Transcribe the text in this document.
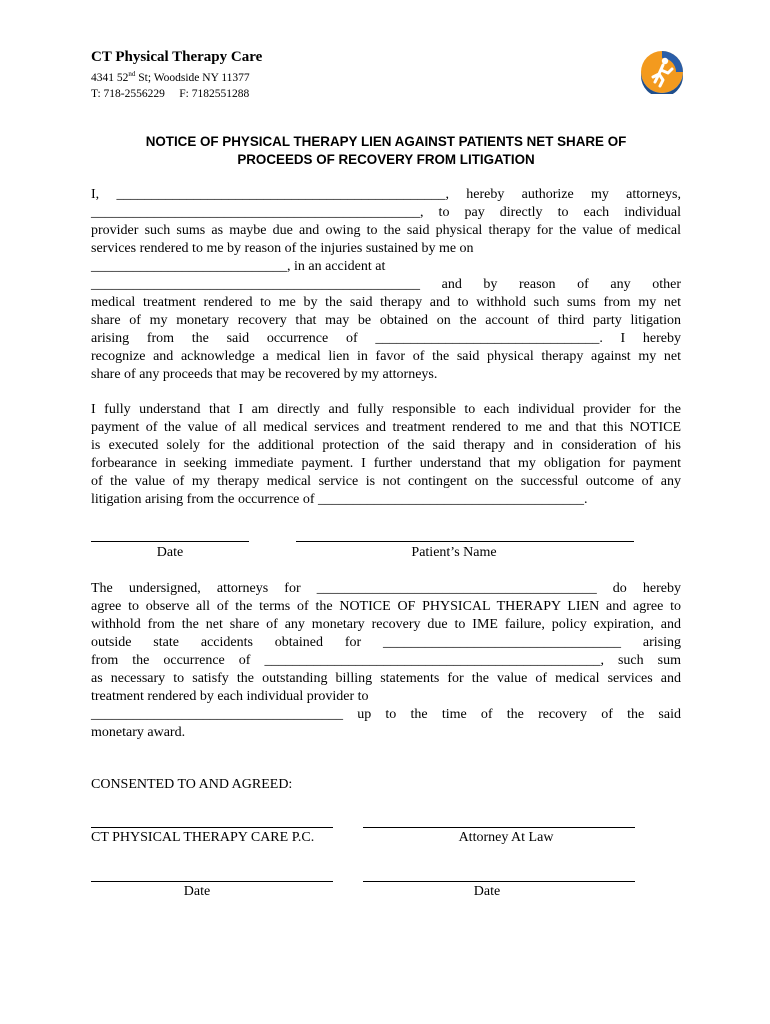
CT Physical Therapy Care
4341 52nd St; Woodside NY 11377
T: 718-2556229     F: 7182551288
NOTICE OF PHYSICAL THERAPY LIEN AGAINST PATIENTS NET SHARE OF
PROCEEDS OF RECOVERY FROM LITIGATION
I, _______________________________________________, hereby authorize my attorneys,
_______________________________________________, to pay directly to each individual
provider such sums as maybe due and owing to the said physical therapy for the value of medical
services rendered to me by reason of the injuries sustained by me on
____________________________, in an accident at
_______________________________________________ and by reason of any other
medical treatment rendered to me by the said therapy and to withhold such sums from my net
share of my monetary recovery that may be obtained on the account of third party litigation
arising from the said occurrence of ________________________________. I hereby
recognize and acknowledge a medical lien in favor of the said physical therapy against my net
share of any proceeds that may be recovered by my attorneys.
I fully understand that I am directly and fully responsible to each individual provider for the
payment of the value of all medical services and treatment rendered to me and that this NOTICE
is executed solely for the additional protection of the said therapy and in consideration of his
forbearance in seeking immediate payment. I further understand that my obligation for payment
of the value of my therapy medical service is not contingent on the successful outcome of any
litigation arising from the occurrence of ______________________________________.
Date	Patient’s Name
The undersigned, attorneys for ________________________________________ do hereby
agree to observe all of the terms of the NOTICE OF PHYSICAL THERAPY LIEN and agree to
withhold from the net share of any monetary recovery due to IME failure, policy expiration, and
outside state accidents obtained for __________________________________ arising
from the occurrence of ________________________________________________, such sum
as necessary to satisfy the outstanding billing statements for the value of medical services and
treatment rendered by each individual provider to
____________________________________ up to the time of the recovery of the said
monetary award.
CONSENTED TO AND AGREED:
CT PHYSICAL THERAPY CARE P.C.	Attorney At Law
Date	Date
